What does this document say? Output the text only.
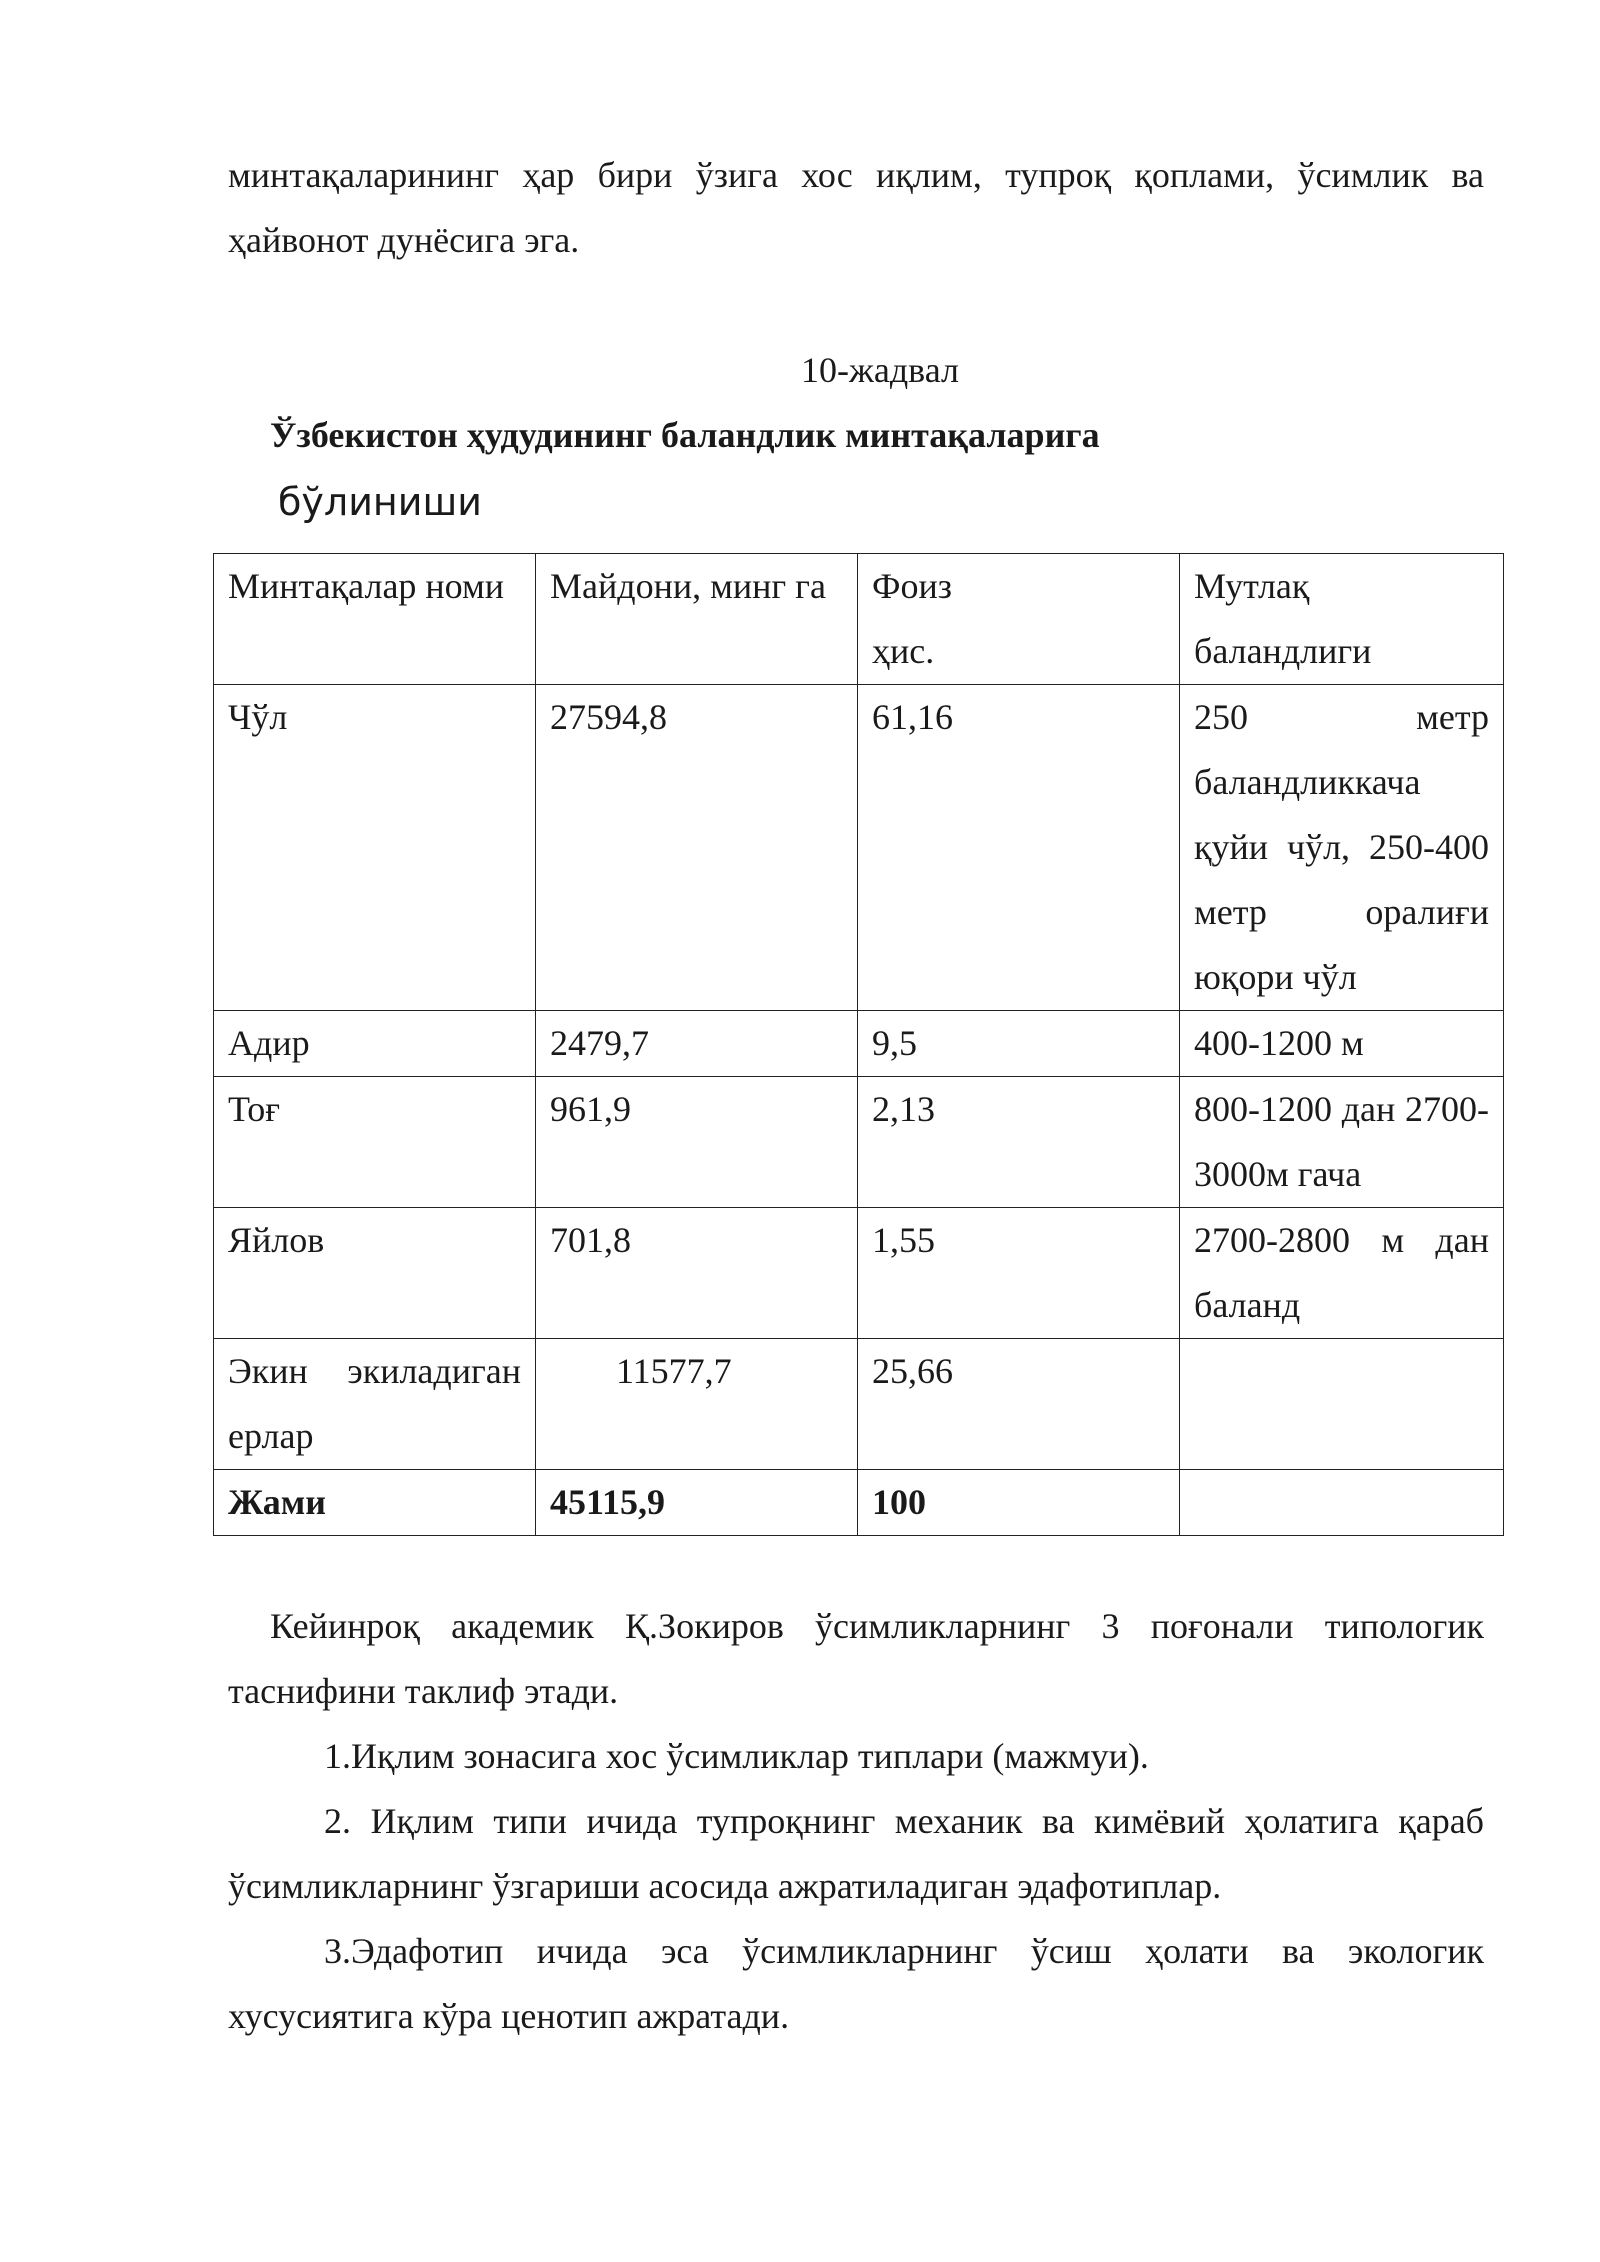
минтақаларининг ҳар бири ўзига хос иқлим, тупроқ қоплами, ўсимлик ва ҳайвонот дунёсига эга.

10-жадвал

Ўзбекистон ҳудудининг баландлик минтақаларига

бўлиниши

Минтақалар номи	Майдони, минг га	Фоиз ҳис.	Мутлақ баландлиги

Чўл	27594,8	61,16	250 метр баландликкача қуйи чўл, 250-400 метр оралиғи юқори чўл
Адир	2479,7	9,5	400-1200 м
Тоғ	961,9	2,13	800-1200 дан 2700-3000м гача
Яйлов	701,8	1,55	2700-2800 м дан баланд
Экин экиладиган ерлар	11577,7	25,66	
Жами	45115,9	100	

Кейинроқ академик Қ.Зокиров ўсимликларнинг 3 поғонали типологик таснифини таклиф этади.

1.Иқлим зонасига хос ўсимликлар типлари (мажмуи).

2. Иқлим типи ичида тупроқнинг механик ва кимёвий ҳолатига қараб ўсимликларнинг ўзгариши асосида ажратиладиган эдафотиплар.

3.Эдафотип ичида эса ўсимликларнинг ўсиш ҳолати ва экологик хусусиятига кўра ценотип ажратади.
